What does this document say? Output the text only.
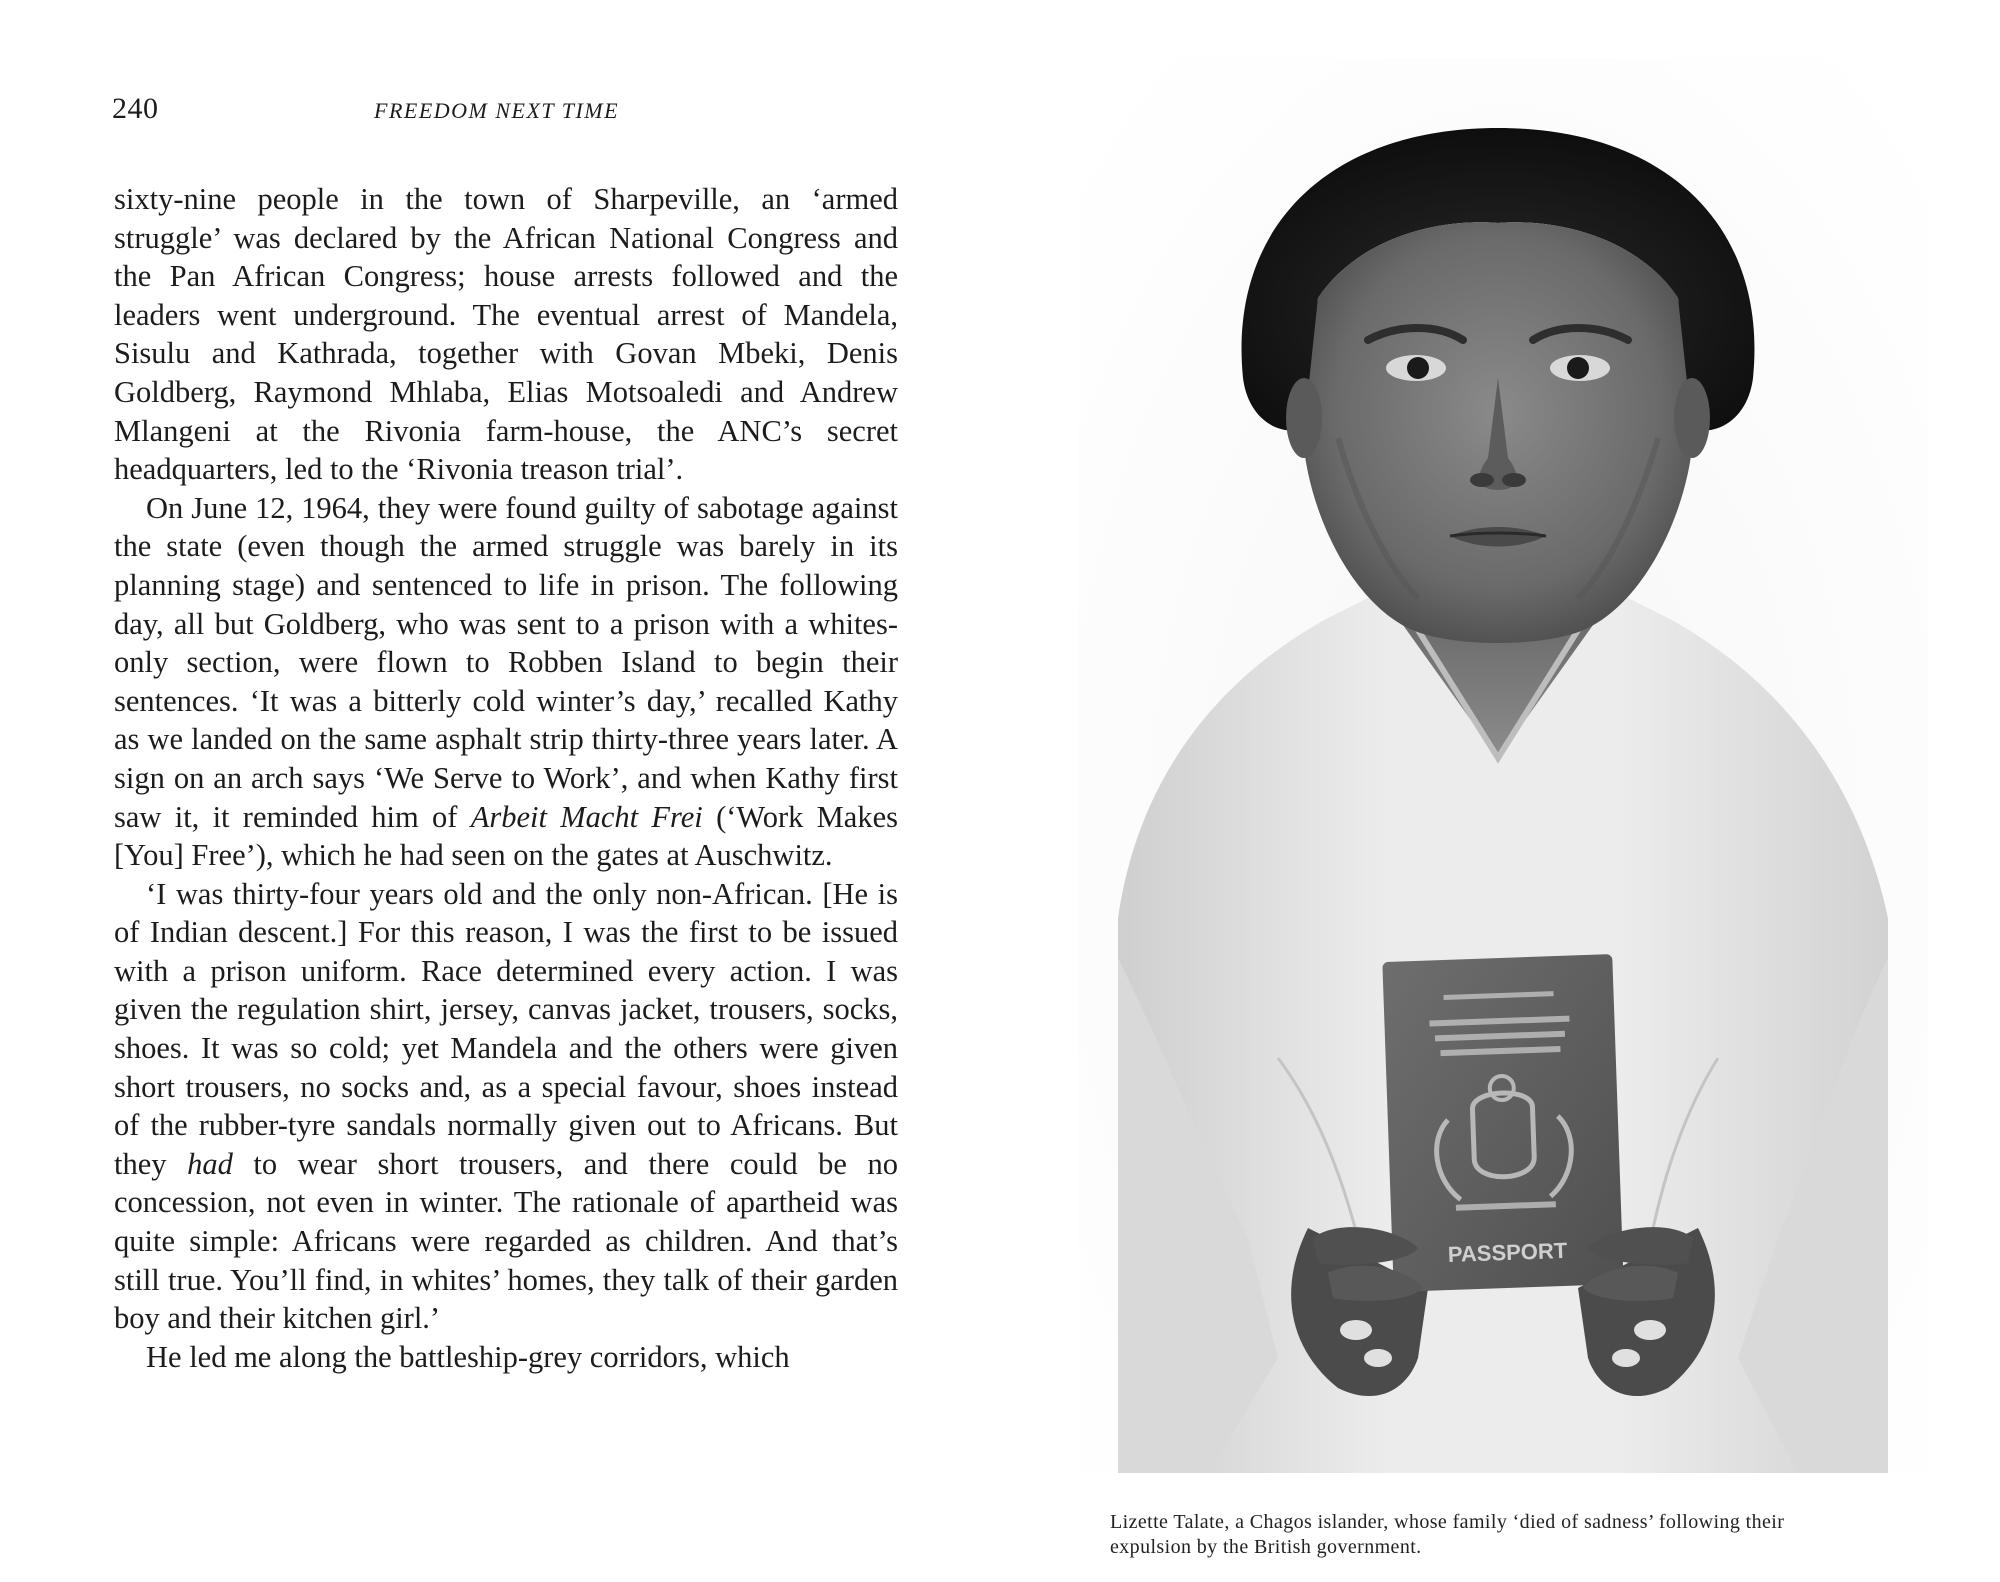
240	FREEDOM NEXT TIME

sixty-nine people in the town of Sharpeville, an ‘armed struggle’ was declared by the African National Congress and the Pan African Congress; house arrests followed and the leaders went underground. The eventual arrest of Mandela, Sisulu and Kathrada, together with Govan Mbeki, Denis Goldberg, Raymond Mhlaba, Elias Motsoaledi and Andrew Mlangeni at the Rivonia farm-house, the ANC’s secret headquarters, led to the ‘Rivonia treason trial’.

On June 12, 1964, they were found guilty of sabotage against the state (even though the armed struggle was barely in its planning stage) and sentenced to life in prison. The following day, all but Goldberg, who was sent to a prison with a whites-only section, were flown to Robben Island to begin their sentences. ‘It was a bitterly cold winter’s day,’ recalled Kathy as we landed on the same asphalt strip thirty-three years later. A sign on an arch says ‘We Serve to Work’, and when Kathy first saw it, it reminded him of Arbeit Macht Frei (‘Work Makes [You] Free’), which he had seen on the gates at Auschwitz.

‘I was thirty-four years old and the only non-African. [He is of Indian descent.] For this reason, I was the first to be issued with a prison uniform. Race determined every action. I was given the regulation shirt, jersey, canvas jacket, trousers, socks, shoes. It was so cold; yet Mandela and the others were given short trousers, no socks and, as a special favour, shoes instead of the rubber-tyre sandals normally given out to Africans. But they had to wear short trousers, and there could be no concession, not even in winter. The rationale of apartheid was quite simple: Africans were regarded as children. And that’s still true. You’ll find, in whites’ homes, they talk of their garden boy and their kitchen girl.’

He led me along the battleship-grey corridors, which

PASSPORT
Lizette Talate, a Chagos islander, whose family ‘died of sadness’ following their expulsion by the British government.
